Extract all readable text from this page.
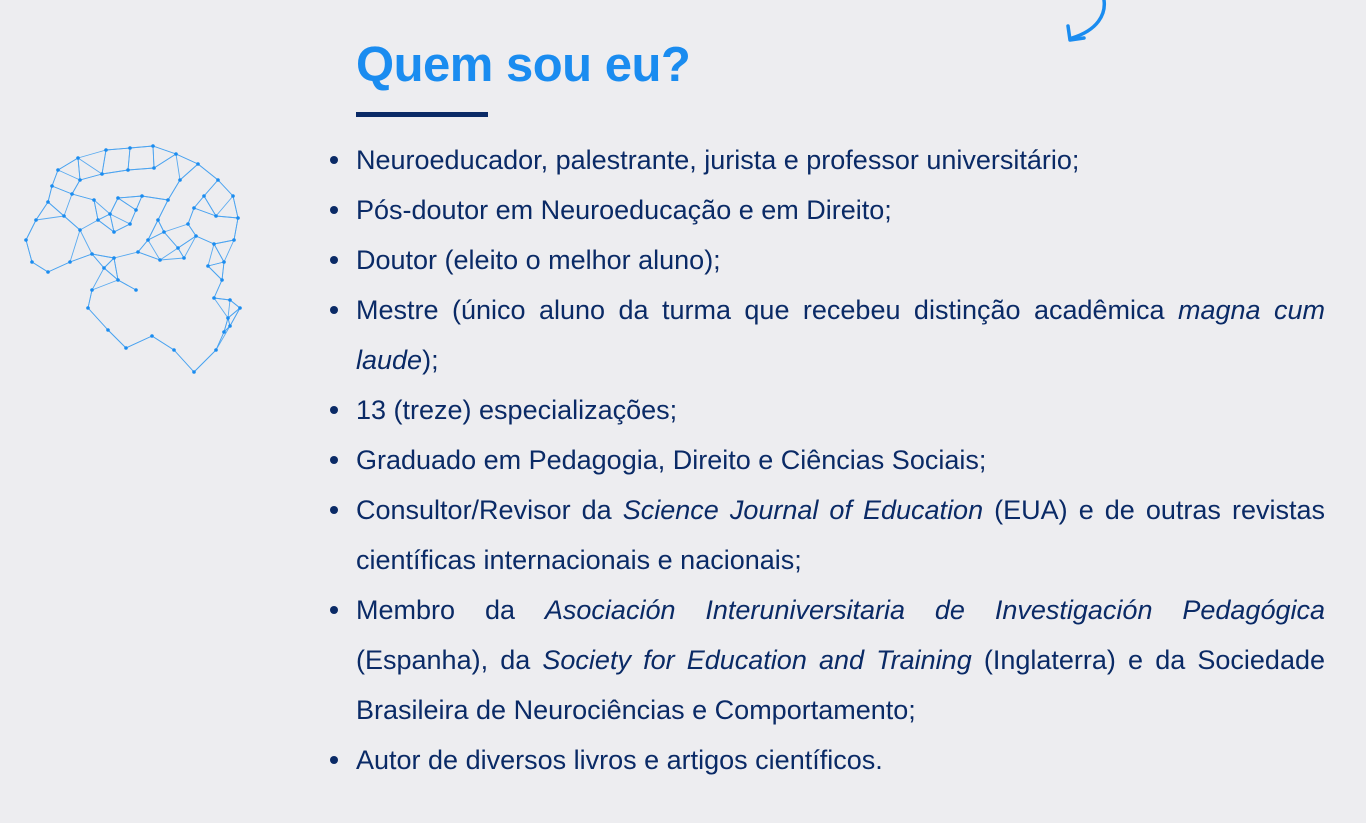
Quem sou eu?
Neuroeducador, palestrante, jurista e professor universitário;
Pós-doutor em Neuroeducação e em Direito;
Doutor (eleito o melhor aluno);
Mestre (único aluno da turma que recebeu distinção acadêmica magna cum laude);
13 (treze) especializações;
Graduado em Pedagogia, Direito e Ciências Sociais;
Consultor/Revisor da Science Journal of Education (EUA) e de outras revistas científicas internacionais e nacionais;
Membro da Asociación Interuniversitaria de Investigación Pedagógica (Espanha), da Society for Education and Training (Inglaterra) e da Sociedade Brasileira de Neurociências e Comportamento;
Autor de diversos livros e artigos científicos.
